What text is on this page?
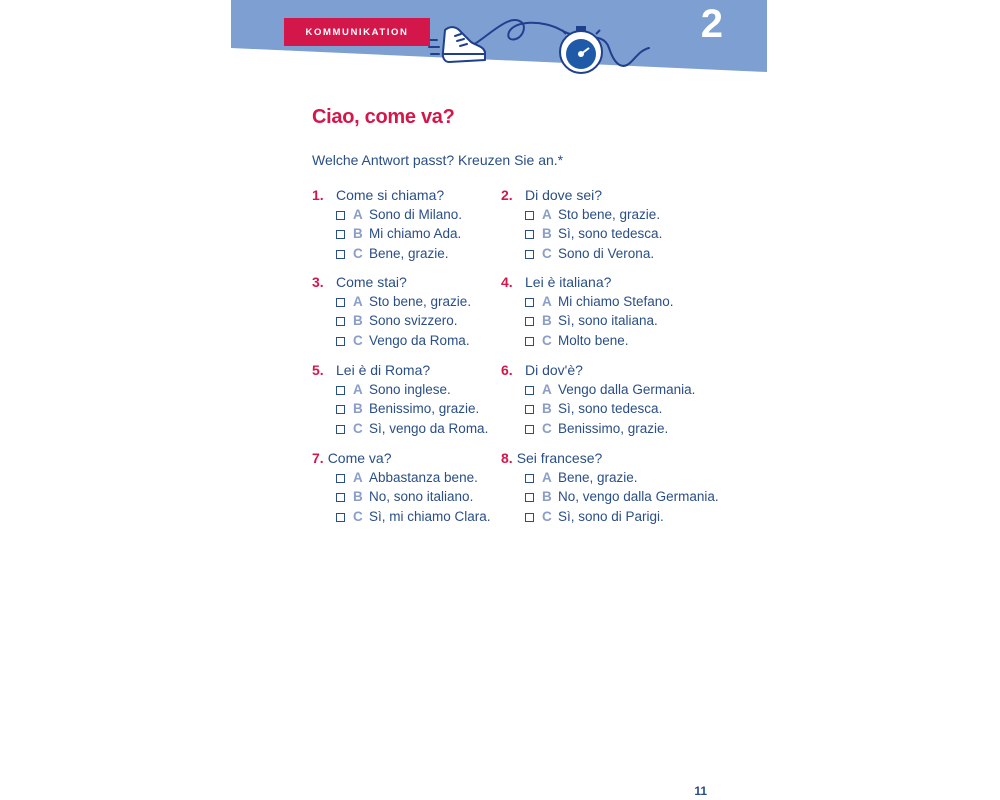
KOMMUNIKATION	2
Ciao, come va?

Welche Antwort passt? Kreuzen Sie an.*

1. Come si chiama?
A Sono di Milano.
B Mi chiamo Ada.
C Bene, grazie.
2. Di dove sei?
A Sto bene, grazie.
B Sì, sono tedesca.
C Sono di Verona.
3. Come stai?
A Sto bene, grazie.
B Sono svizzero.
C Vengo da Roma.
4. Lei è italiana?
A Mi chiamo Stefano.
B Sì, sono italiana.
C Molto bene.
5. Lei è di Roma?
A Sono inglese.
B Benissimo, grazie.
C Sì, vengo da Roma.
6. Di dov'è?
A Vengo dalla Germania.
B Sì, sono tedesca.
C Benissimo, grazie.
7. Come va?
A Abbastanza bene.
B No, sono italiano.
C Sì, mi chiamo Clara.
8. Sei francese?
A Bene, grazie.
B No, vengo dalla Germania.
C Sì, sono di Parigi.
11
